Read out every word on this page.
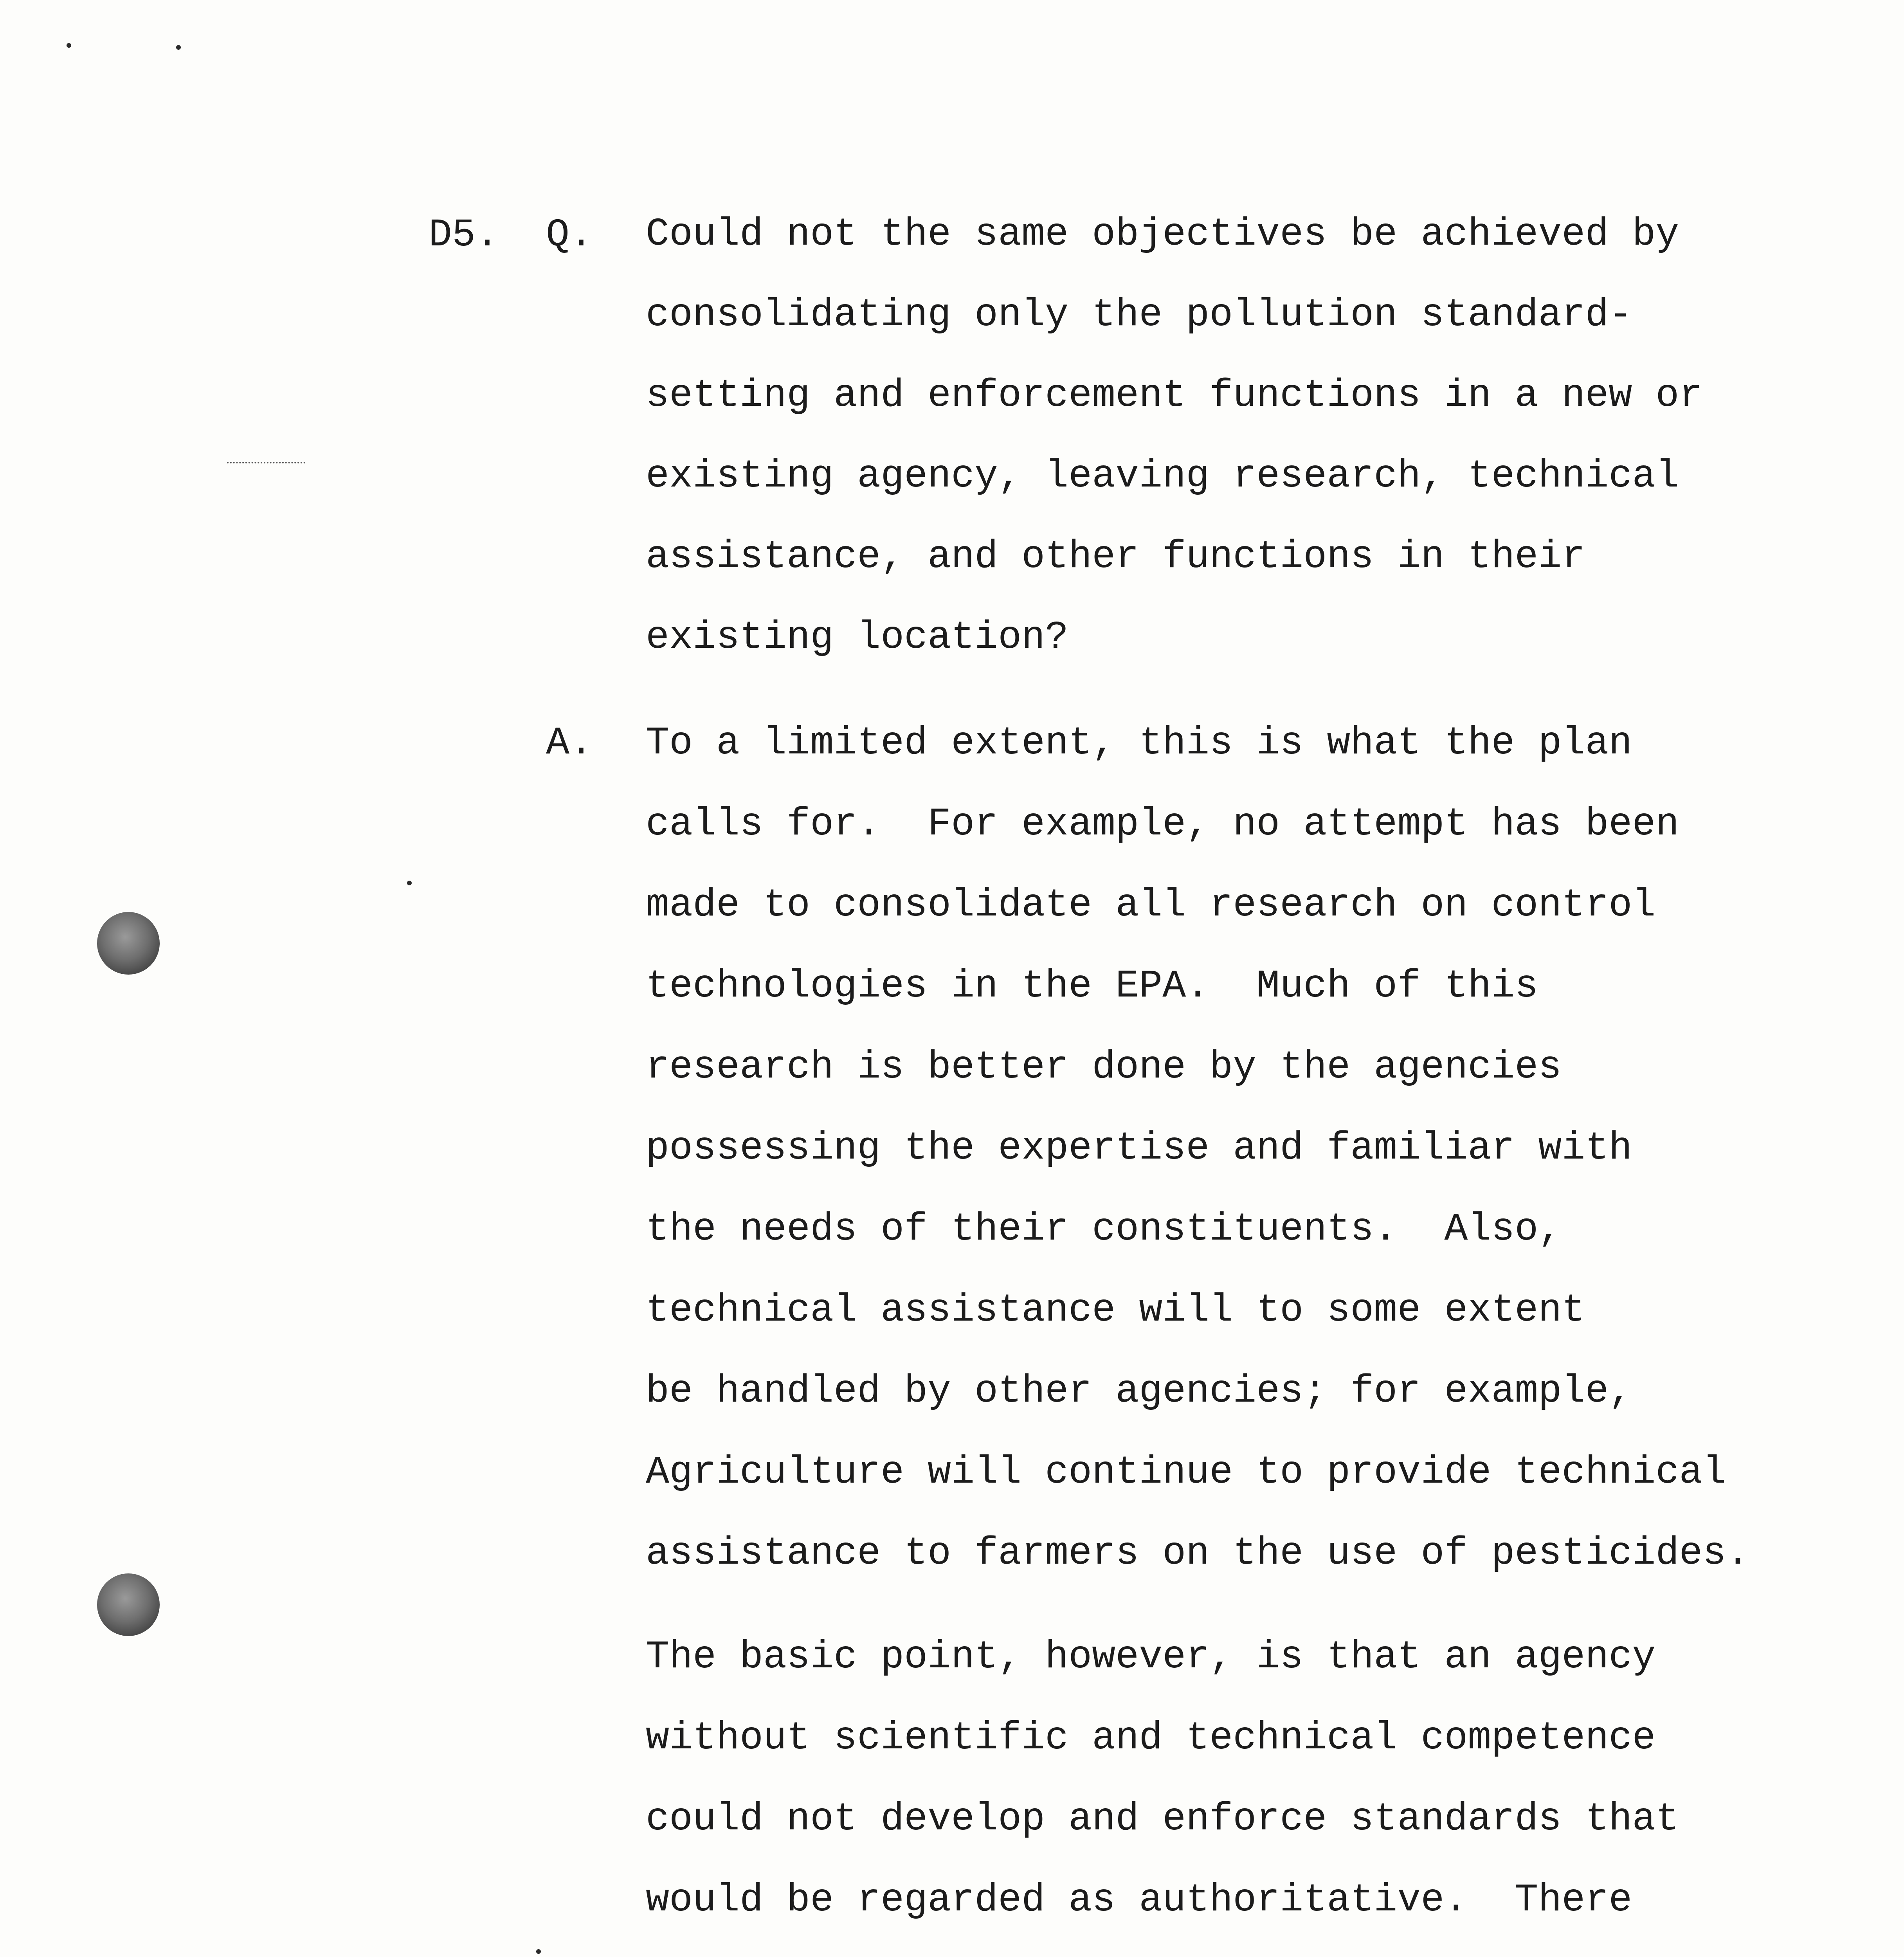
D5. Q. Could not the same objectives be achieved by
consolidating only the pollution standard-
setting and enforcement functions in a new or
existing agency, leaving research, technical
assistance, and other functions in their
existing location?
A. To a limited extent, this is what the plan
calls for.  For example, no attempt has been
made to consolidate all research on control
technologies in the EPA.  Much of this
research is better done by the agencies
possessing the expertise and familiar with
the needs of their constituents.  Also,
technical assistance will to some extent
be handled by other agencies; for example,
Agriculture will continue to provide technical
assistance to farmers on the use of pesticides.
The basic point, however, is that an agency
without scientific and technical competence
could not develop and enforce standards that
would be regarded as authoritative.  There
